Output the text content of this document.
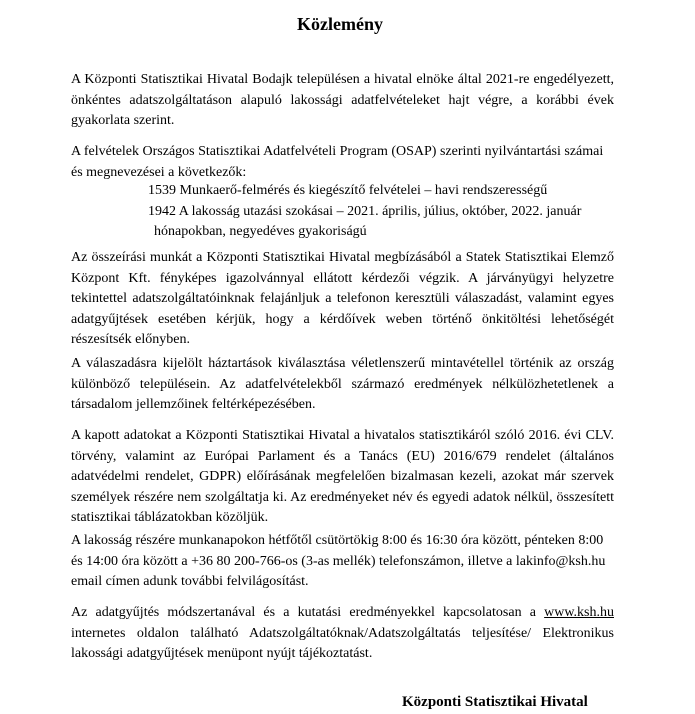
Közlemény

A Központi Statisztikai Hivatal Bodajk településen a hivatal elnöke által 2021-re engedélyezett, önkéntes adatszolgáltatáson alapuló lakossági adatfelvételeket hajt végre, a korábbi évek gyakorlata szerint.

A felvételek Országos Statisztikai Adatfelvételi Program (OSAP) szerinti nyilvántartási számai és megnevezései a következők:

1539 Munkaerő-felmérés és kiegészítő felvételei – havi rendszerességű
1942 A lakosság utazási szokásai – 2021. április, július, október, 2022. január
hónapokban, negyedéves gyakoriságú

Az összeírási munkát a Központi Statisztikai Hivatal megbízásából a Statek Statisztikai Elemző Központ Kft. fényképes igazolvánnyal ellátott kérdezői végzik. A járványügyi helyzetre tekintettel adatszolgáltatóinknak felajánljuk a telefonon keresztüli válaszadást, valamint egyes adatgyűjtések esetében kérjük, hogy a kérdőívek weben történő önkitöltési lehetőségét részesítsék előnyben.

A válaszadásra kijelölt háztartások kiválasztása véletlenszerű mintavétellel történik az ország különböző településein. Az adatfelvételekből származó eredmények nélkülözhetetlenek a társadalom jellemzőinek feltérképezésében.

A kapott adatokat a Központi Statisztikai Hivatal a hivatalos statisztikáról szóló 2016. évi CLV. törvény, valamint az Európai Parlament és a Tanács (EU) 2016/679 rendelet (általános adatvédelmi rendelet, GDPR) előírásának megfelelően bizalmasan kezeli, azokat már szervek személyek részére nem szolgáltatja ki. Az eredményeket név és egyedi adatok nélkül, összesített statisztikai táblázatokban közöljük.

A lakosság részére munkanapokon hétfőtől csütörtökig 8:00 és 16:30 óra között, pénteken 8:00 és 14:00 óra között a +36 80 200-766-os (3-as mellék) telefonszámon, illetve a lakinfo@ksh.hu email címen adunk további felvilágosítást.

Az adatgyűjtés módszertanával és a kutatási eredményekkel kapcsolatosan a www.ksh.hu internetes oldalon található Adatszolgáltatóknak/Adatszolgáltatás teljesítése/ Elektronikus lakossági adatgyűjtések menüpont nyújt tájékoztatást.

Központi Statisztikai Hivatal
